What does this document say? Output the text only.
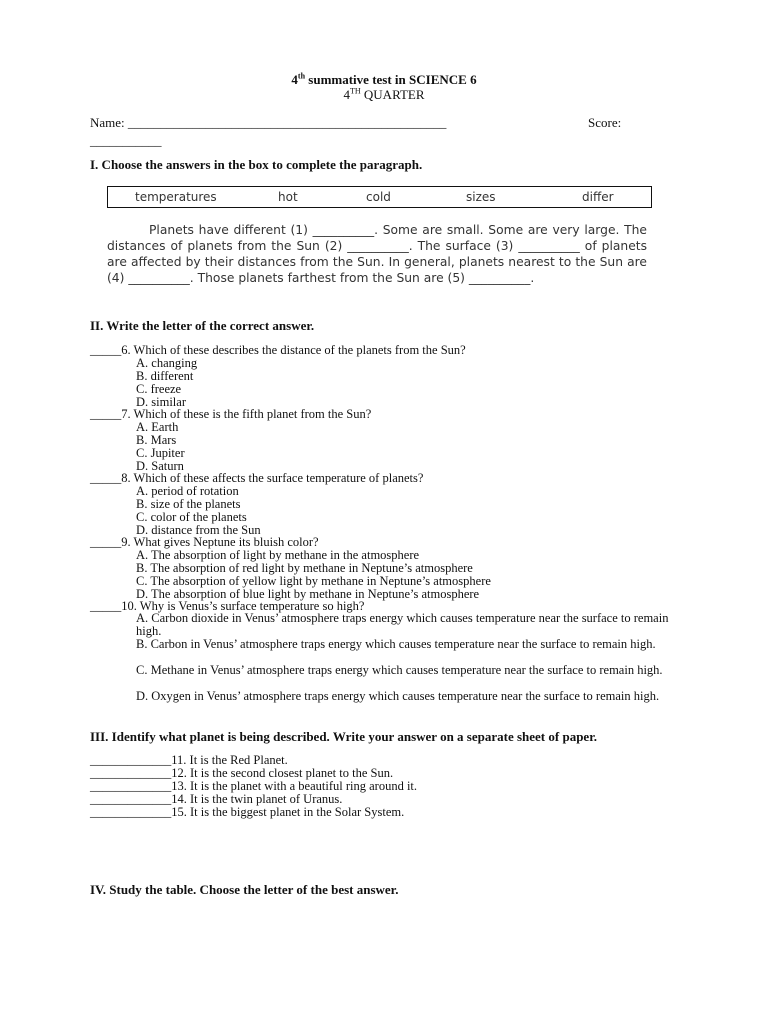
4th summative test in SCIENCE 6
4TH QUARTER
Name: _________________________________________________	Score:
___________
I. Choose the answers in the box to complete the paragraph.
temperatures	hot	cold	sizes	differ

Planets have different (1) __________. Some are small. Some are very large. The distances of planets from the Sun (2) __________. The surface (3) __________ of planets are affected by their distances from the Sun. In general, planets nearest to the Sun are (4) __________. Those planets farthest from the Sun are (5) __________.

II. Write the letter of the correct answer.
_____6. Which of these describes the distance of the planets from the Sun?
A. changing
B. different
C. freeze
D. similar
_____7. Which of these is the fifth planet from the Sun?
A. Earth
B. Mars
C. Jupiter
D. Saturn
_____8. Which of these affects the surface temperature of planets?
A. period of rotation
B. size of the planets
C. color of the planets
D. distance from the Sun
_____9. What gives Neptune its bluish color?
A. The absorption of light by methane in the atmosphere
B. The absorption of red light by methane in Neptune’s atmosphere
C. The absorption of yellow light by methane in Neptune’s atmosphere
D. The absorption of blue light by methane in Neptune’s atmosphere
_____10. Why is Venus’s surface temperature so high?
A. Carbon dioxide in Venus’ atmosphere traps energy which causes temperature near the surface to remain high.
B. Carbon in Venus’ atmosphere traps energy which causes temperature near the surface to remain high.
C. Methane in Venus’ atmosphere traps energy which causes temperature near the surface to remain high.
D. Oxygen in Venus’ atmosphere traps energy which causes temperature near the surface to remain high.
III. Identify what planet is being described. Write your answer on a separate sheet of paper.
_____________11. It is the Red Planet.
_____________12. It is the second closest planet to the Sun.
_____________13. It is the planet with a beautiful ring around it.
_____________14. It is the twin planet of Uranus.
_____________15. It is the biggest planet in the Solar System.
IV. Study the table. Choose the letter of the best answer.
